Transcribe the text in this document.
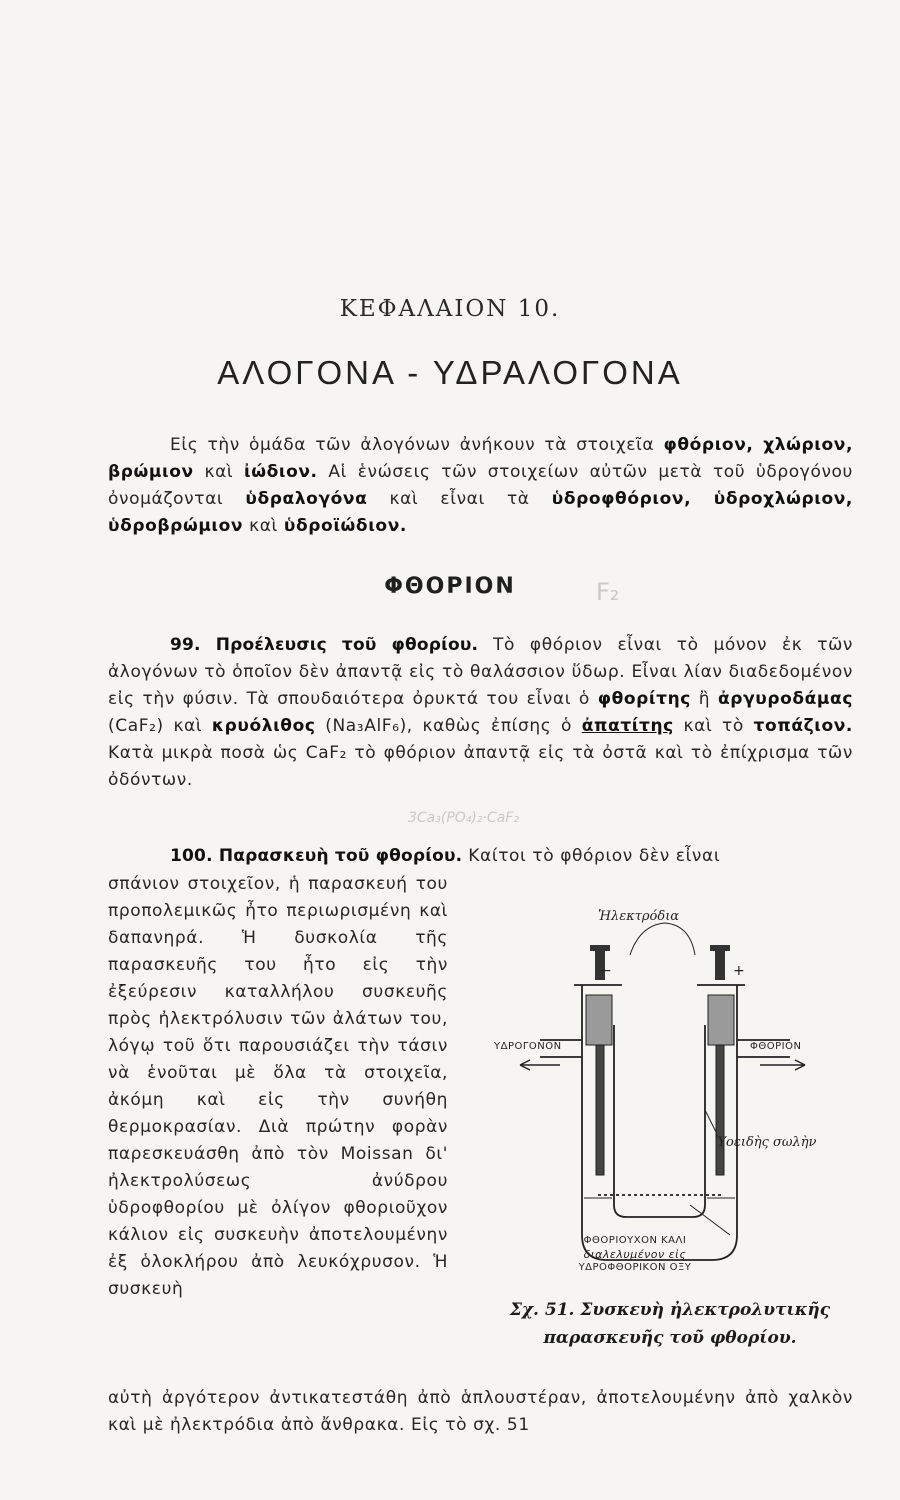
ΚΕΦΑΛΑΙΟΝ 10.
ΑΛΟΓΟΝΑ - ΥΔΡΑΛΟΓΟΝΑ
Εἰς τὴν ὁμάδα τῶν ἀλογόνων ἀνήκουν τὰ στοιχεῖα φθόριον, χλώριον, βρώμιον καὶ ἰώδιον. Αἱ ἑνώσεις τῶν στοιχείων αὐτῶν μετὰ τοῦ ὑδρογόνου ὀνομάζονται ὑδραλογόνα καὶ εἶναι τὰ ὑδροφθόριον, ὑδροχλώριον, ὑδροβρώμιον καὶ ὑδροϊώδιον.
ΦΘΟΡΙΟΝ	F₂
99. Προέλευσις τοῦ φθορίου. Τὸ φθόριον εἶναι τὸ μόνον ἐκ τῶν ἀλογόνων τὸ ὁποῖον δὲν ἀπαντᾷ εἰς τὸ θαλάσσιον ὕδωρ. Εἶναι λίαν διαδεδομένον εἰς τὴν φύσιν. Τὰ σπουδαιότερα ὀρυκτά του εἶναι ὁ φθορίτης ἢ ἀργυροδάμας (CaF₂) καὶ κρυόλιθος (Na₃AlF₆), καθὼς ἐπίσης ὁ ἀπατίτης καὶ τὸ τοπάζιον. Κατὰ μικρὰ ποσὰ ὡς CaF₂ τὸ φθόριον ἀπαντᾷ εἰς τὰ ὀστᾶ καὶ τὸ ἐπίχρισμα τῶν ὀδόντων.
3Ca₃(PO₄)₂·CaF₂
100. Παρασκευὴ τοῦ φθορίου. Καίτοι τὸ φθόριον δὲν εἶναι
σπάνιον στοιχεῖον, ἡ παρασκευή του προπολεμικῶς ἦτο περιωρισμένη καὶ δαπανηρά. Ἡ δυσκολία τῆς παρασκευῆς του ἦτο εἰς τὴν ἐξεύρεσιν καταλλήλου συσκευῆς πρὸς ἠλεκτρόλυσιν τῶν ἀλάτων του, λόγῳ τοῦ ὅτι παρουσιάζει τὴν τάσιν νὰ ἑνοῦται μὲ ὅλα τὰ στοιχεῖα, ἀκόμη καὶ εἰς τὴν συνήθη θερμοκρασίαν. Διὰ πρώτην φορὰν παρεσκευάσθη ἀπὸ τὸν Moissan δι' ἠλεκτρολύσεως ἀνύδρου ὑδροφθορίου μὲ ὀλίγον φθοριοῦχον κάλιον εἰς συσκευὴν ἀποτελουμένην ἐξ ὁλοκλήρου ἀπὸ λευκόχρυσον. Ἡ συσκευὴ
αὐτὴ ἀργότερον ἀντικατεστάθη ἀπὸ ἁπλουστέραν, ἀποτελουμένην ἀπὸ χαλκὸν καὶ μὲ ἠλεκτρόδια ἀπὸ ἄνθρακα. Εἰς τὸ σχ. 51
Ἠλεκτρόδια
−	+
ΥΔΡΟΓΟΝΟΝ	ΦΘΟΡΙΟΝ
Ὑοειδὴς σωλὴν
ΦΘΟΡΙΟΥΧΟΝ ΚΑΛΙ
διαλελυμένον εἰς
ΥΔΡΟΦΘΟΡΙΚΟΝ ΟΞΥ
Σχ. 51. Συσκευὴ ἠλεκτρολυτικῆς
παρασκευῆς τοῦ φθορίου.
